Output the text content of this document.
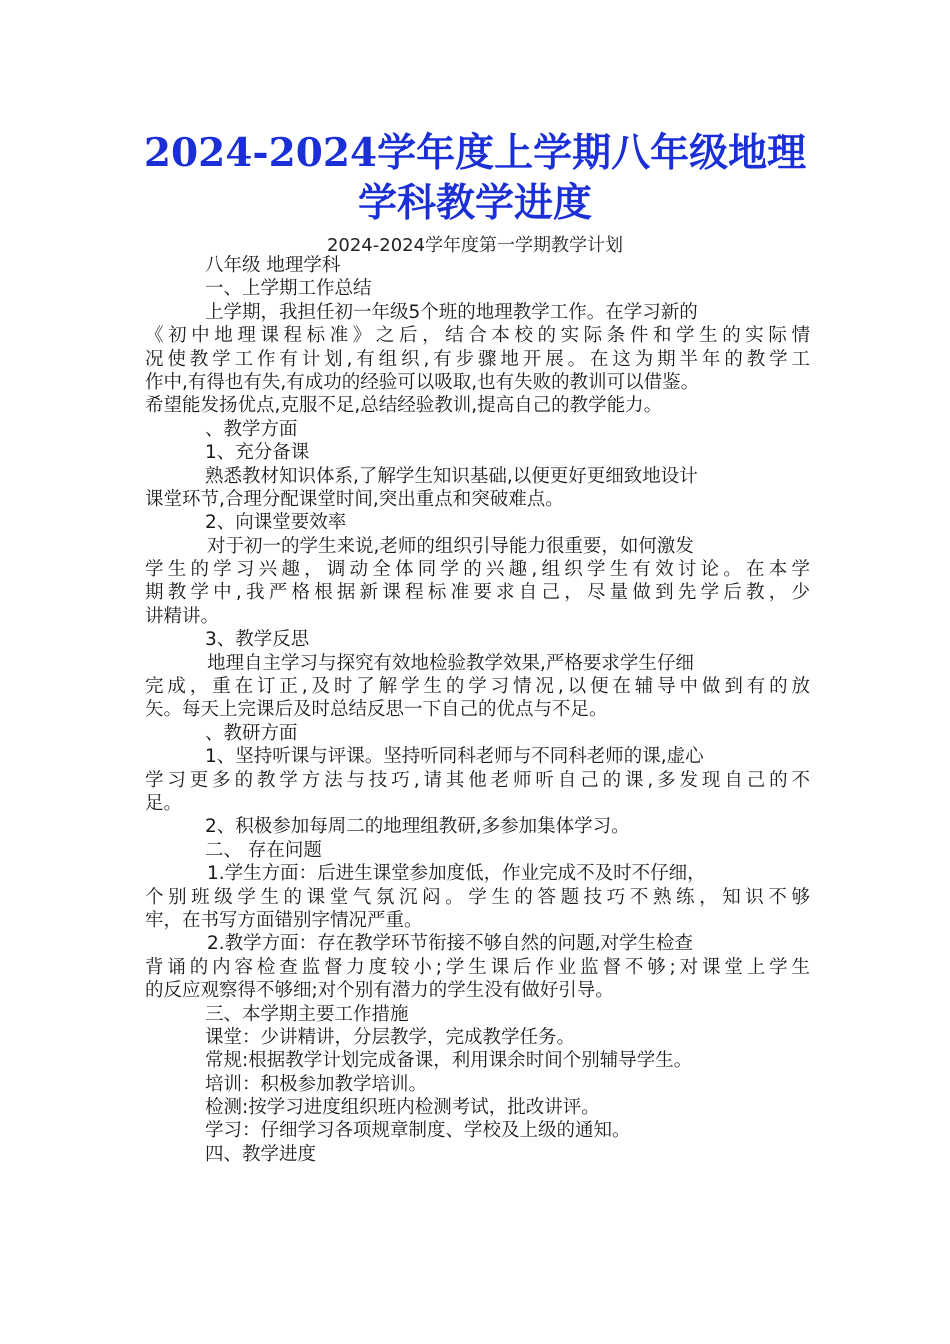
2024-2024学年度上学期八年级地理
学科教学进度
2024-2024学年度第一学期教学计划
八年级 地理学科
一、上学期工作总结
上学期，我担任初一年级5个班的地理教学工作。在学习新的
《初中地理课程标准》之后，结合本校的实际条件和学生的实际情
况使教学工作有计划,有组织,有步骤地开展。在这为期半年的教学工
作中,有得也有失,有成功的经验可以吸取,也有失败的教训可以借鉴。
希望能发扬优点,克服不足,总结经验教训,提高自己的教学能力。
、教学方面
1、充分备课
熟悉教材知识体系,了解学生知识基础,以便更好更细致地设计
课堂环节,合理分配课堂时间,突出重点和突破难点。
2、向课堂要效率
对于初一的学生来说,老师的组织引导能力很重要，如何激发
学生的学习兴趣，调动全体同学的兴趣,组织学生有效讨论。在本学
期教学中,我严格根据新课程标准要求自己，尽量做到先学后教，少
讲精讲。
3、教学反思
地理自主学习与探究有效地检验教学效果,严格要求学生仔细
完成，重在订正,及时了解学生的学习情况,以便在辅导中做到有的放
矢。每天上完课后及时总结反思一下自己的优点与不足。
、教研方面
1、坚持听课与评课。坚持听同科老师与不同科老师的课,虚心
学习更多的教学方法与技巧,请其他老师听自己的课,多发现自己的不
足。
2、积极参加每周二的地理组教研,多参加集体学习。
二、 存在问题
1.学生方面：后进生课堂参加度低，作业完成不及时不仔细，
个别班级学生的课堂气氛沉闷。学生的答题技巧不熟练，知识不够
牢，在书写方面错别字情况严重。
2.教学方面：存在教学环节衔接不够自然的问题,对学生检查
背诵的内容检查监督力度较小;学生课后作业监督不够;对课堂上学生
的反应观察得不够细;对个别有潜力的学生没有做好引导。
三、本学期主要工作措施
课堂：少讲精讲，分层教学，完成教学任务。
常规:根据教学计划完成备课，利用课余时间个别辅导学生。
培训：积极参加教学培训。
检测:按学习进度组织班内检测考试，批改讲评。
学习：仔细学习各项规章制度、学校及上级的通知。
四、教学进度
